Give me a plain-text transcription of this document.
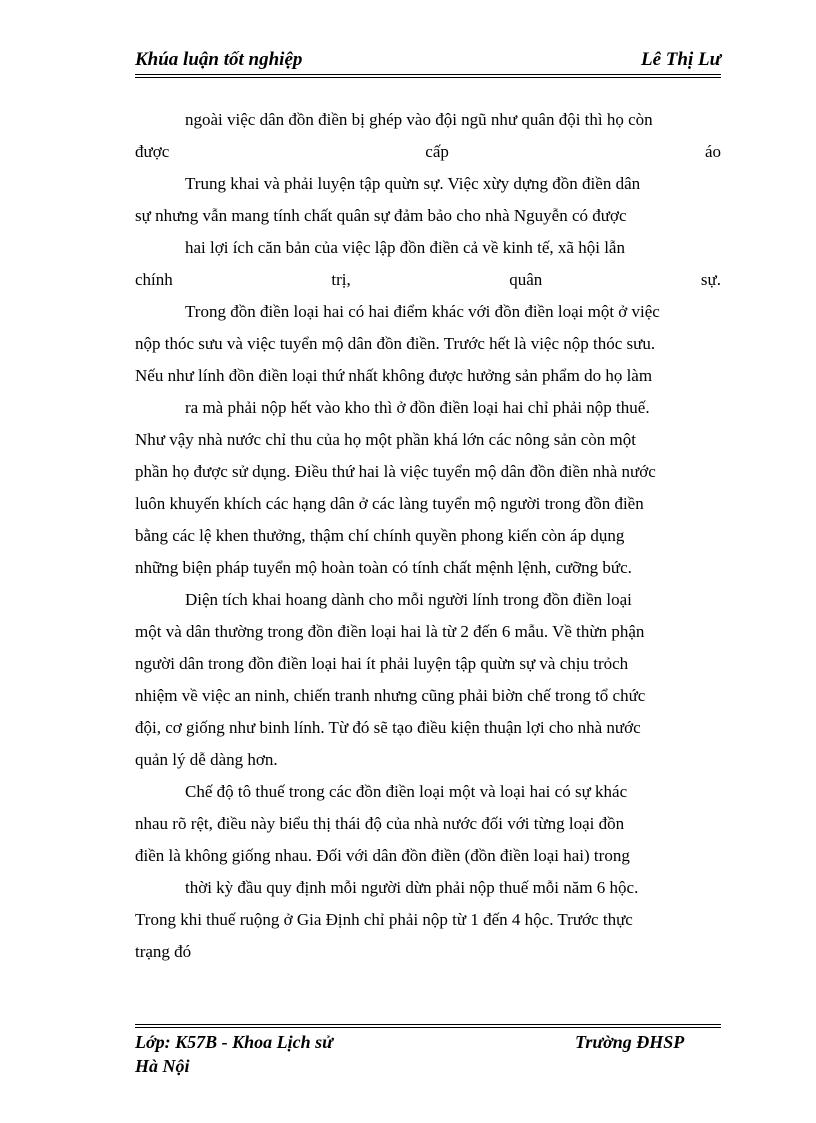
Khúa luận tốt nghiệp	Lê Thị Lư
ngoài việc dân đồn điền bị ghép vào đội ngũ như quân đội thì họ còn
được	cấp	áo
Trung khai và phải luyện tập quừn sự. Việc xừy dựng đồn điền dân
sự nhưng vẫn mang tính chất quân sự đảm bảo cho nhà Nguyễn có được
hai lợi ích căn bản của việc lập đồn điền cả về kinh tế, xã hội lẫn
chính	trị,	quân	sự.
Trong đồn điền loại hai có hai điểm khác với đồn điền loại một ở việc
nộp thóc sưu và việc tuyển mộ dân đồn điền. Trước hết là việc nộp thóc sưu.
Nếu như lính đồn điền loại thứ nhất không được hưởng sản phẩm do họ làm
ra mà phải nộp hết vào kho thì ở đồn điền loại hai chỉ phải nộp thuế.
Như vậy nhà nước chỉ thu của họ một phần khá lớn các nông sản còn một
phần họ được sử dụng. Điều thứ hai là việc tuyển mộ dân đồn điền nhà nước
luôn khuyến khích các hạng dân ở các làng tuyển mộ người trong đồn điền
bằng các lệ khen thưởng, thậm chí chính quyền phong kiến còn áp dụng
những biện pháp tuyển mộ hoàn toàn có tính chất mệnh lệnh, cưỡng bức.
Diện tích khai hoang dành cho mỗi người lính trong đồn điền loại
một và dân thường trong đồn điền loại hai là từ 2 đến 6 mẫu. Về thừn phận
người dân trong đồn điền loại hai ít phải luyện tập quừn sự và chịu trỏch
nhiệm về việc an ninh, chiến tranh nhưng cũng phải biờn chế trong tổ chức
đội, cơ giống như binh lính. Từ đó sẽ tạo điều kiện thuận lợi cho nhà nước
quản lý dễ dàng hơn.
Chế độ tô thuế trong các đồn điền loại một và loại hai có sự khác
nhau rõ rệt, điều này biểu thị thái độ của nhà nước đối với từng loại đồn
điền là không giống nhau. Đối với dân đồn điền (đồn điền loại hai) trong
thời kỳ đầu quy định mỗi người dừn phải nộp thuế mỗi năm 6 hộc.
Trong khi thuế ruộng ở Gia Định chỉ phải nộp từ 1 đến 4 hộc. Trước thực
trạng đó
Lớp: K57B - Khoa Lịch sử	Trường ĐHSP
Hà Nội
